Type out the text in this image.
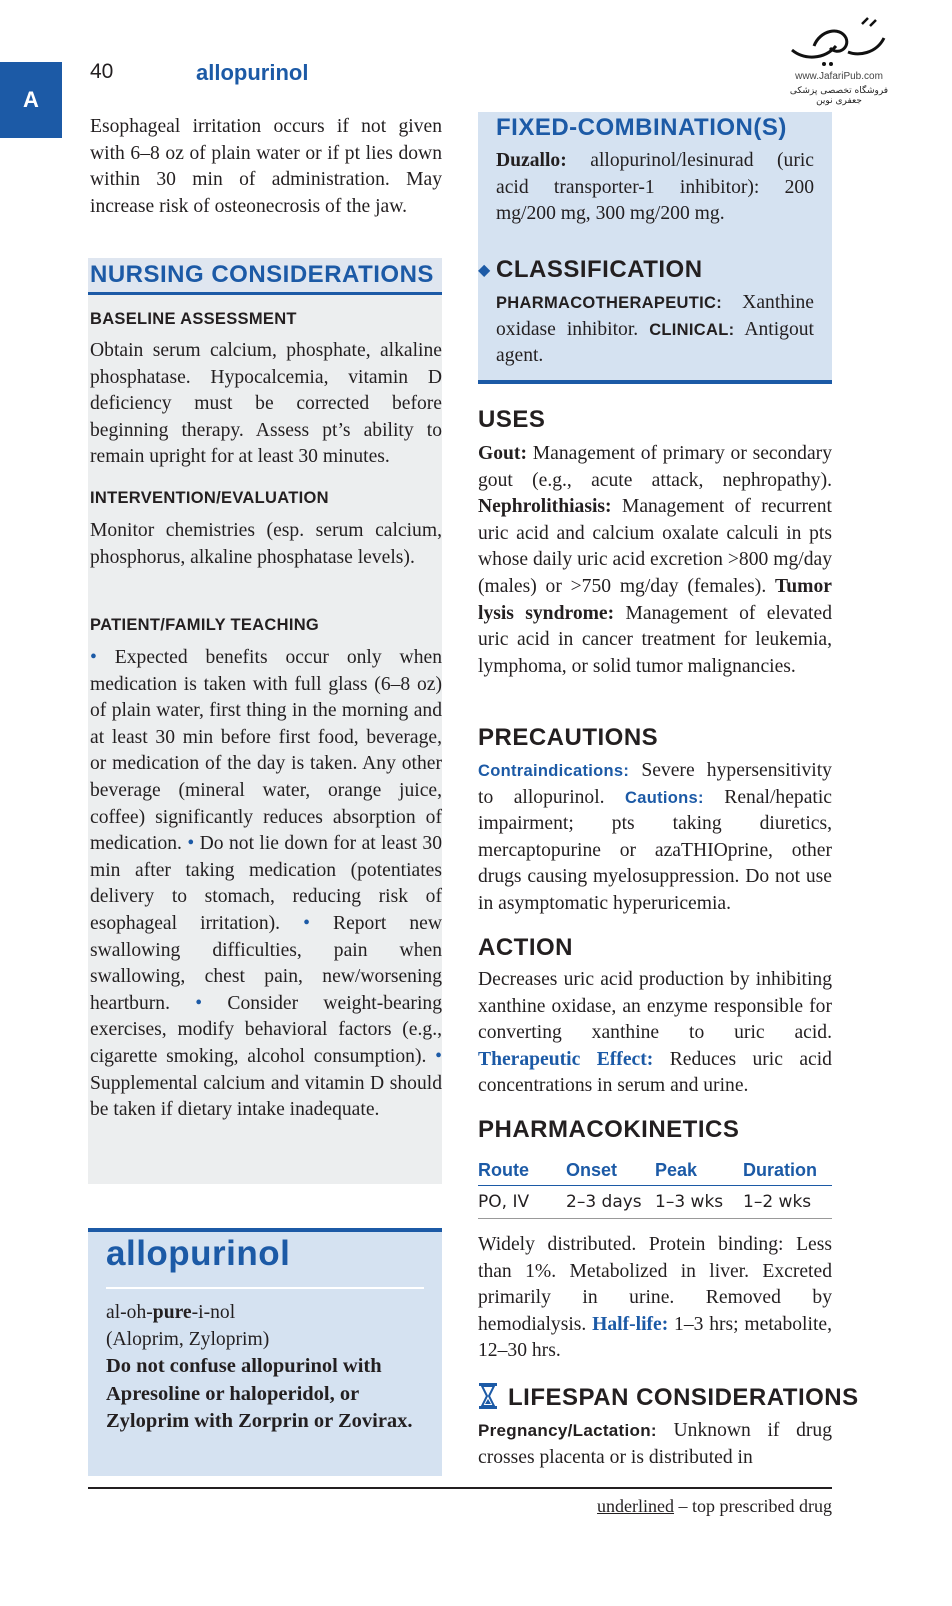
A
40	allopurinol	www.JafariPub.com
فروشگاه تخصصی پزشکی جعفری نوین
Esophageal irritation occurs if not given with 6–8 oz of plain water or if pt lies down within 30 min of administration. May increase risk of osteonecrosis of the jaw.
NURSING CONSIDERATIONS
BASELINE ASSESSMENT
Obtain serum calcium, phosphate, alkaline phosphatase. Hypocalcemia, vitamin D deficiency must be corrected before beginning therapy. Assess pt’s ability to remain upright for at least 30 minutes.
INTERVENTION/EVALUATION
Monitor chemistries (esp. serum calcium, phosphorus, alkaline phosphatase levels).
PATIENT/FAMILY TEACHING
• Expected benefits occur only when medication is taken with full glass (6–8 oz) of plain water, first thing in the morning and at least 30 min before first food, beverage, or medication of the day is taken. Any other beverage (mineral water, orange juice, coffee) significantly reduces absorption of medication. • Do not lie down for at least 30 min after taking medication (potentiates delivery to stomach, reducing risk of esophageal irritation). • Report new swallowing difficulties, pain when swallowing, chest pain, new/worsening heartburn. • Consider weight-bearing exercises, modify behavioral factors (e.g., cigarette smoking, alcohol consumption). • Supplemental calcium and vitamin D should be taken if dietary intake inadequate.
allopurinol
al-oh-pure-i-nol
(Aloprim, Zyloprim)
Do not confuse allopurinol with Apresoline or haloperidol, or Zyloprim with Zorprin or Zovirax.
FIXED-COMBINATION(S)
Duzallo: allopurinol/lesinurad (uric acid transporter-1 inhibitor): 200 mg/200 mg, 300 mg/200 mg.
◆ CLASSIFICATION
PHARMACOTHERAPEUTIC: Xanthine oxidase inhibitor. CLINICAL: Antigout agent.
USES
Gout: Management of primary or secondary gout (e.g., acute attack, nephropathy). Nephrolithiasis: Management of recurrent uric acid and calcium oxalate calculi in pts whose daily uric acid excretion >800 mg/day (males) or >750 mg/day (females). Tumor lysis syndrome: Management of elevated uric acid in cancer treatment for leukemia, lymphoma, or solid tumor malignancies.
PRECAUTIONS
Contraindications: Severe hypersensitivity to allopurinol. Cautions: Renal/hepatic impairment; pts taking diuretics, mercaptopurine or azaTHIOprine, other drugs causing myelosuppression. Do not use in asymptomatic hyperuricemia.
ACTION
Decreases uric acid production by inhibiting xanthine oxidase, an enzyme responsible for converting xanthine to uric acid. Therapeutic Effect: Reduces uric acid concentrations in serum and urine.
PHARMACOKINETICS
Route	Onset	Peak	Duration
PO, IV	2–3 days	1–3 wks	1–2 wks
Widely distributed. Protein binding: Less than 1%. Metabolized in liver. Excreted primarily in urine. Removed by hemodialysis. Half-life: 1–3 hrs; metabolite, 12–30 hrs.
LIFESPAN CONSIDERATIONS
Pregnancy/Lactation: Unknown if drug crosses placenta or is distributed in
underlined – top prescribed drug
